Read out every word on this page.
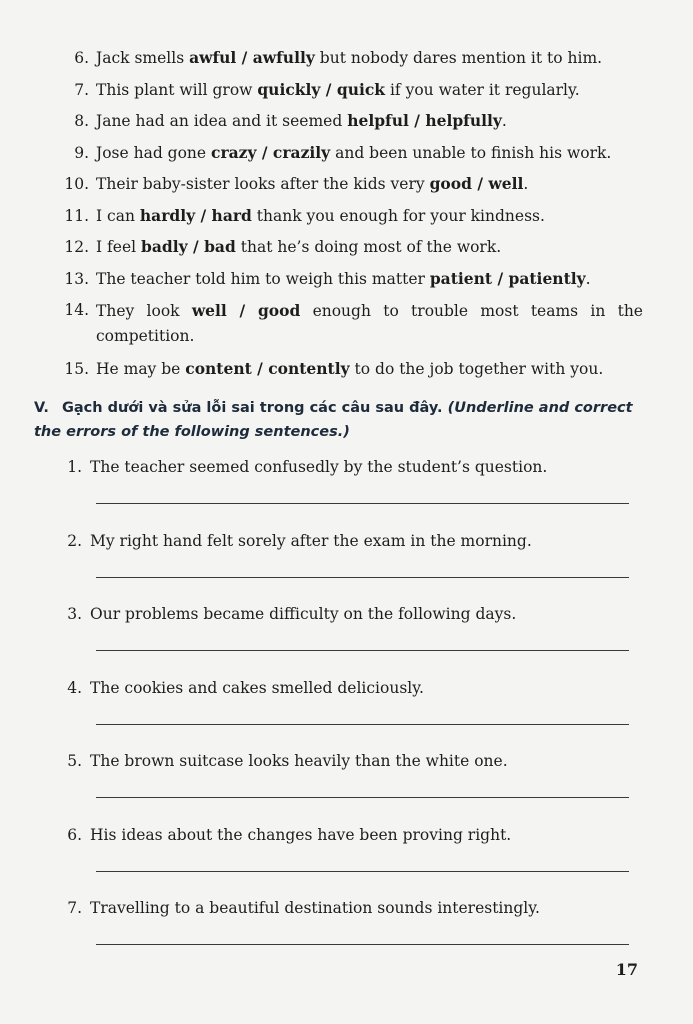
6. Jack smells awful / awfully but nobody dares mention it to him.
7. This plant will grow quickly / quick if you water it regularly.
8. Jane had an idea and it seemed helpful / helpfully.
9. Jose had gone crazy / crazily and been unable to finish his work.
10. Their baby-sister looks after the kids very good / well.
11. I can hardly / hard thank you enough for your kindness.
12. I feel badly / bad that he’s doing most of the work.
13. The teacher told him to weigh this matter patient / patiently.
14. They look well / good enough to trouble most teams in the competition.
15. He may be content / contently to do the job together with you.
V. Gạch dưới và sửa lỗi sai trong các câu sau đây. (Underline and correct the errors of the following sentences.)
1. The teacher seemed confusedly by the student’s question.
2. My right hand felt sorely after the exam in the morning.
3. Our problems became difficulty on the following days.
4. The cookies and cakes smelled deliciously.
5. The brown suitcase looks heavily than the white one.
6. His ideas about the changes have been proving right.
7. Travelling to a beautiful destination sounds interestingly.
17
